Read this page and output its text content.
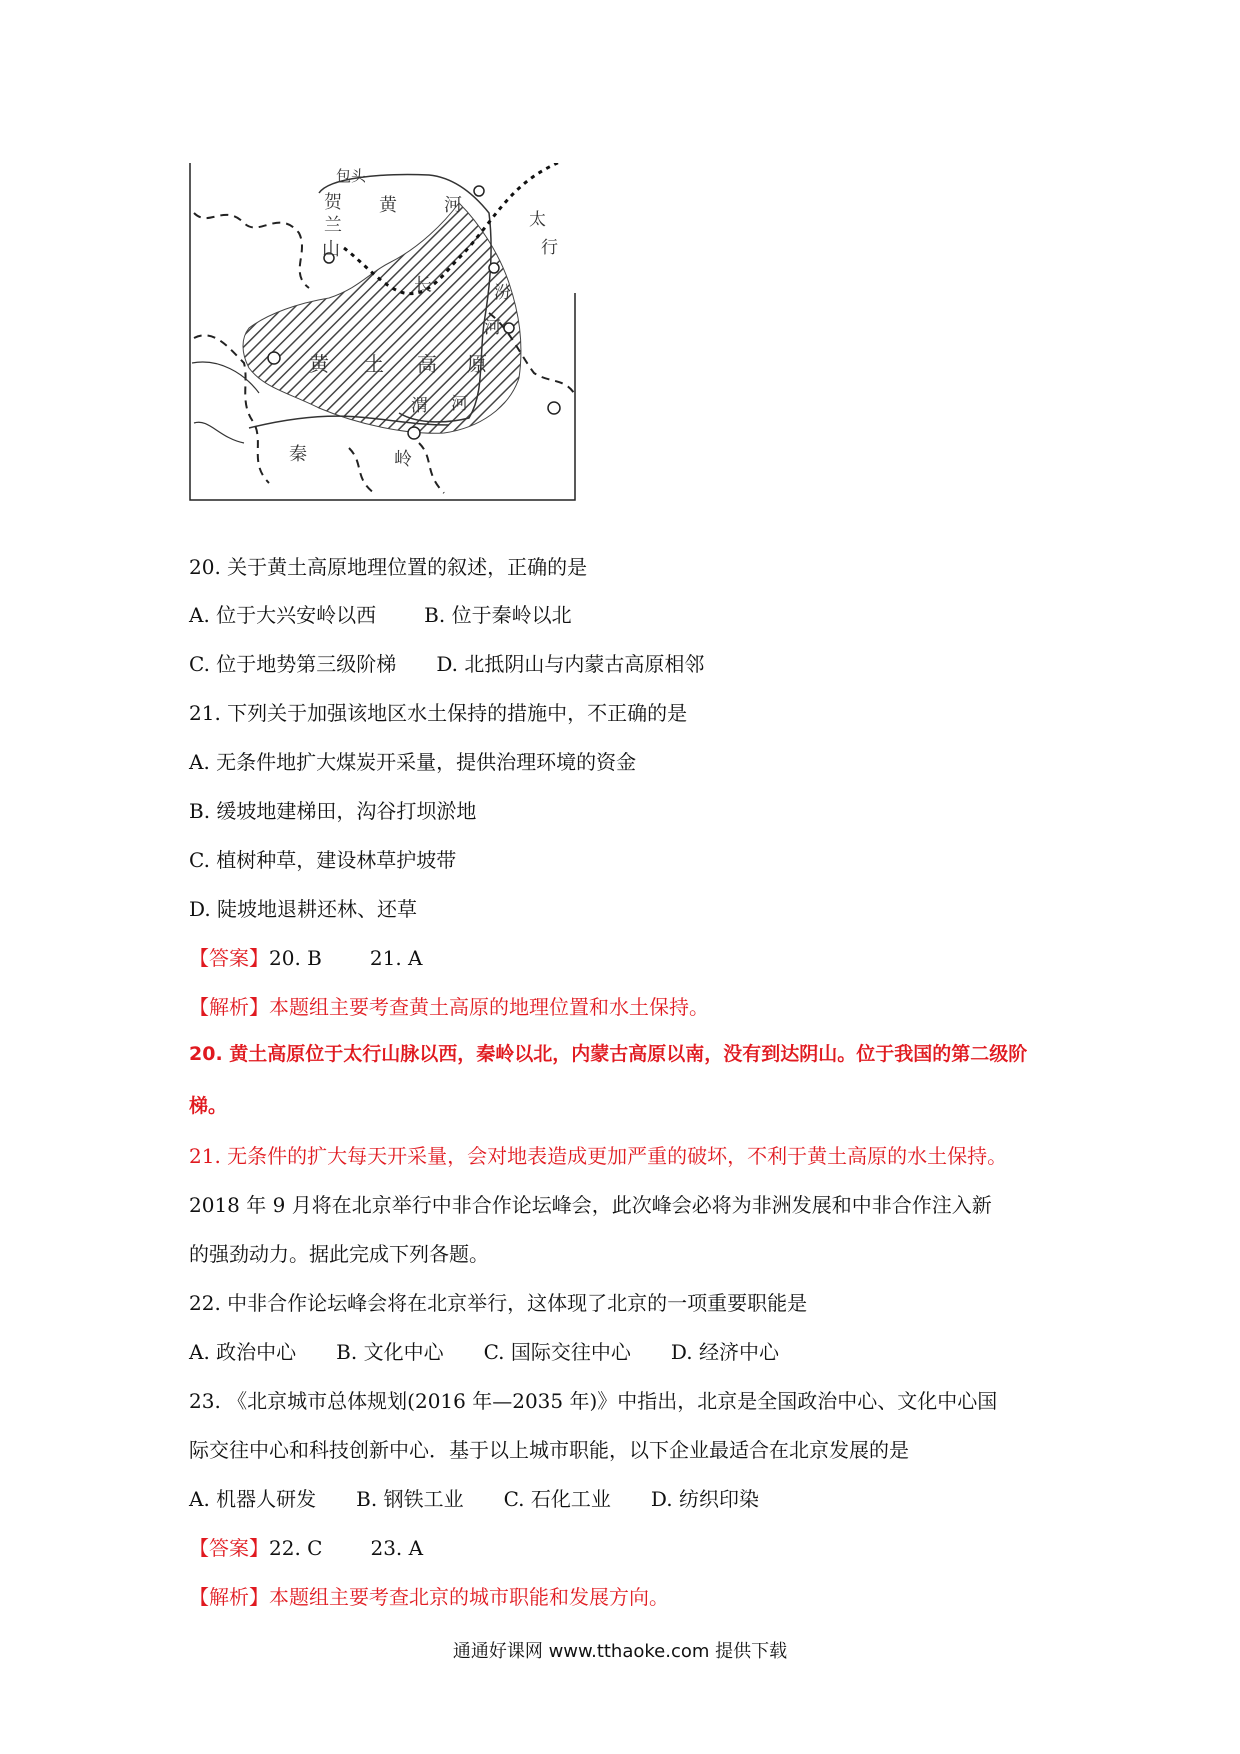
包头
贺
兰
山
黄	河
长
黄 土 高 原
渭 河
秦	岭
太
行
汾
河
20. 关于黄土高原地理位置的叙述，正确的是
A. 位于大兴安岭以西 B. 位于秦岭以北
C. 位于地势第三级阶梯 D. 北抵阴山与内蒙古高原相邻
21. 下列关于加强该地区水土保持的措施中，不正确的是
A. 无条件地扩大煤炭开采量，提供治理环境的资金
B. 缓坡地建梯田，沟谷打坝淤地
C. 植树种草，建设林草护坡带
D. 陡坡地退耕还林、还草
【答案】20. B 21. A
【解析】本题组主要考查黄土高原的地理位置和水土保持。
20. 黄土高原位于太行山脉以西，秦岭以北，内蒙古高原以南，没有到达阴山。位于我国的第二级阶
梯。
21. 无条件的扩大每天开采量，会对地表造成更加严重的破坏，不利于黄土高原的水土保持。
2018 年 9 月将在北京举行中非合作论坛峰会，此次峰会必将为非洲发展和中非合作注入新
的强劲动力。据此完成下列各题。
22. 中非合作论坛峰会将在北京举行，这体现了北京的一项重要职能是
A. 政治中心 B. 文化中心 C. 国际交往中心 D. 经济中心
23. 《北京城市总体规划(2016 年—2035 年)》中指出，北京是全国政治中心、文化中心国
际交往中心和科技创新中心．基于以上城市职能，以下企业最适合在北京发展的是
A. 机器人研发 B. 钢铁工业 C. 石化工业 D. 纺织印染
【答案】22. C 23. A
【解析】本题组主要考查北京的城市职能和发展方向。
通通好课网 www.tthaoke.com 提供下载
